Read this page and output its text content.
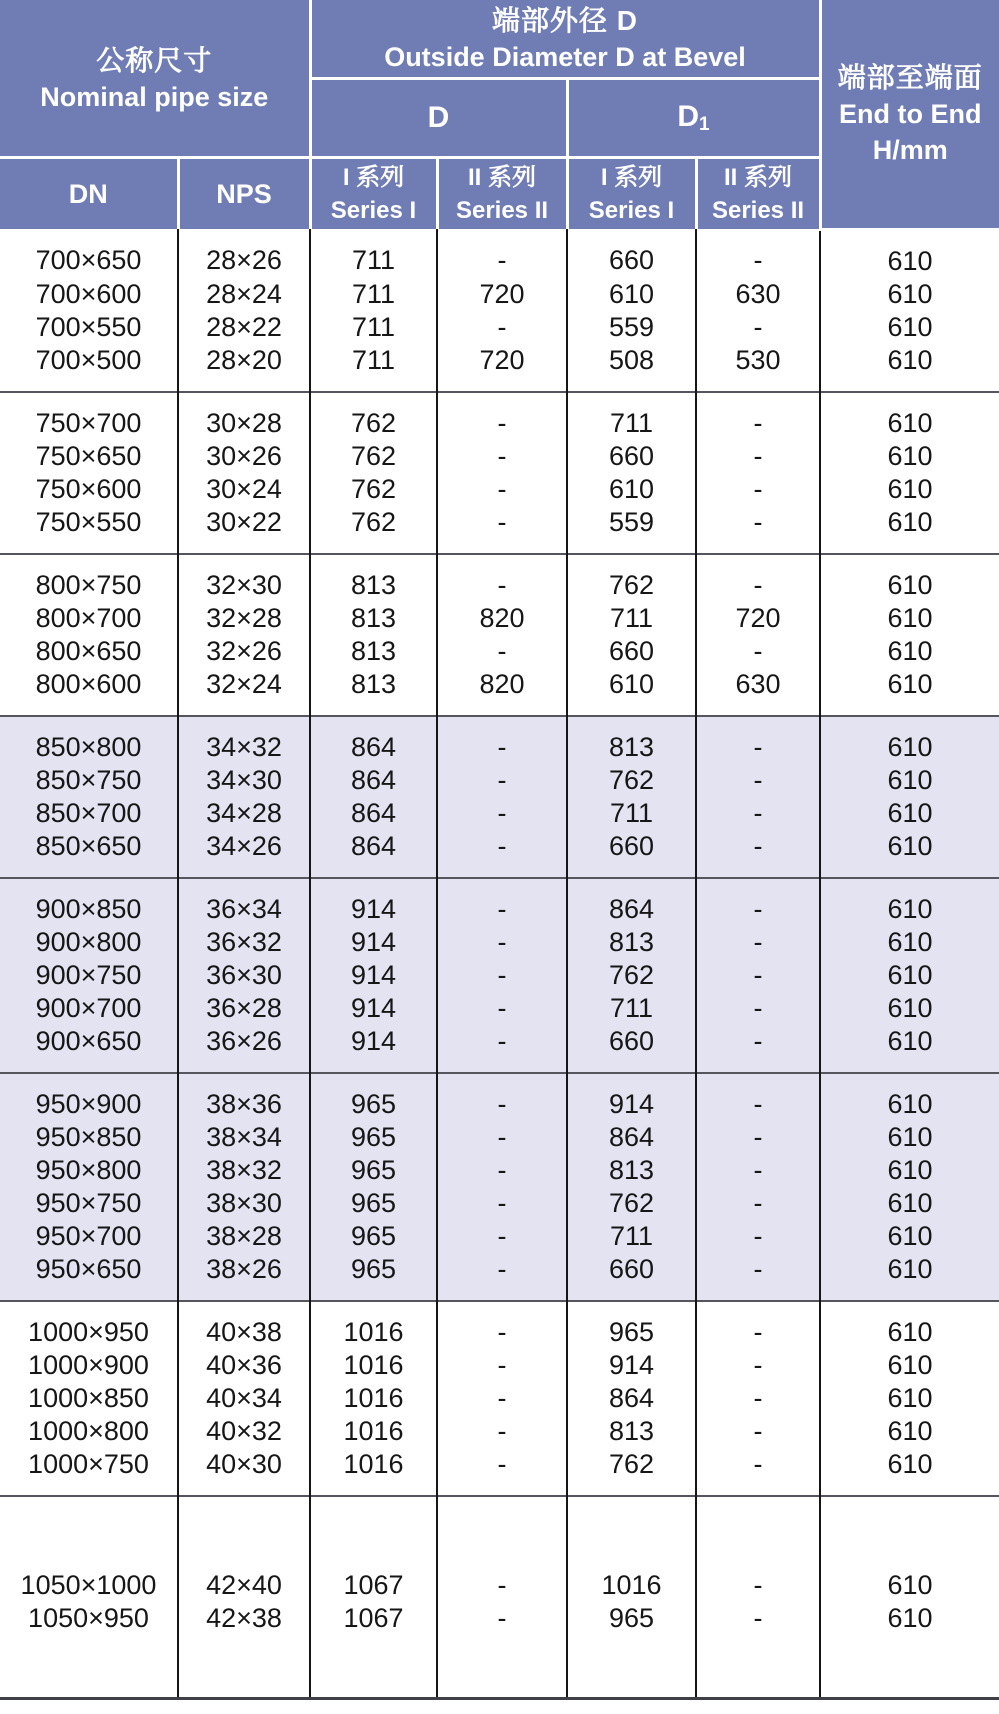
公称尺寸
Nominal pipe size

端部外径 D
Outside Diameter D at Bevel

端部至端面
End to End
H/mm

		D		$D_1$
DN	NPS	
I 系列
Series I

II 系列
Series II

I 系列
Series I

II 系列
Series II

700×650	28×26	711	-	660	-	610
700×600	28×24	711	720	610	630	610
700×550	28×22	711	-	559	-	610
700×500	28×20	711	720	508	530	610
750×700	30×28	762	-	711	-	610
750×650	30×26	762	-	660	-	610
750×600	30×24	762	-	610	-	610
750×550	30×22	762	-	559	-	610
800×750	32×30	813	-	762	-	610
800×700	32×28	813	820	711	720	610
800×650	32×26	813	-	660	-	610
800×600	32×24	813	820	610	630	610
850×800	34×32	864	-	813	-	610
850×750	34×30	864	-	762	-	610
850×700	34×28	864	-	711	-	610
850×650	34×26	864	-	660	-	610
900×850	36×34	914	-	864	-	610
900×800	36×32	914	-	813	-	610
900×750	36×30	914	-	762	-	610
900×700	36×28	914	-	711	-	610
900×650	36×26	914	-	660	-	610
950×900	38×36	965	-	914	-	610
950×850	38×34	965	-	864	-	610
950×800	38×32	965	-	813	-	610
950×750	38×30	965	-	762	-	610
950×700	38×28	965	-	711	-	610
950×650	38×26	965	-	660	-	610
1000×950	40×38	1016	-	965	-	610
1000×900	40×36	1016	-	914	-	610
1000×850	40×34	1016	-	864	-	610
1000×800	40×32	1016	-	813	-	610
1000×750	40×30	1016	-	762	-	610
1050×1000	42×40	1067	-	1016	-	610
1050×950	42×38	1067	-	965	-	610
